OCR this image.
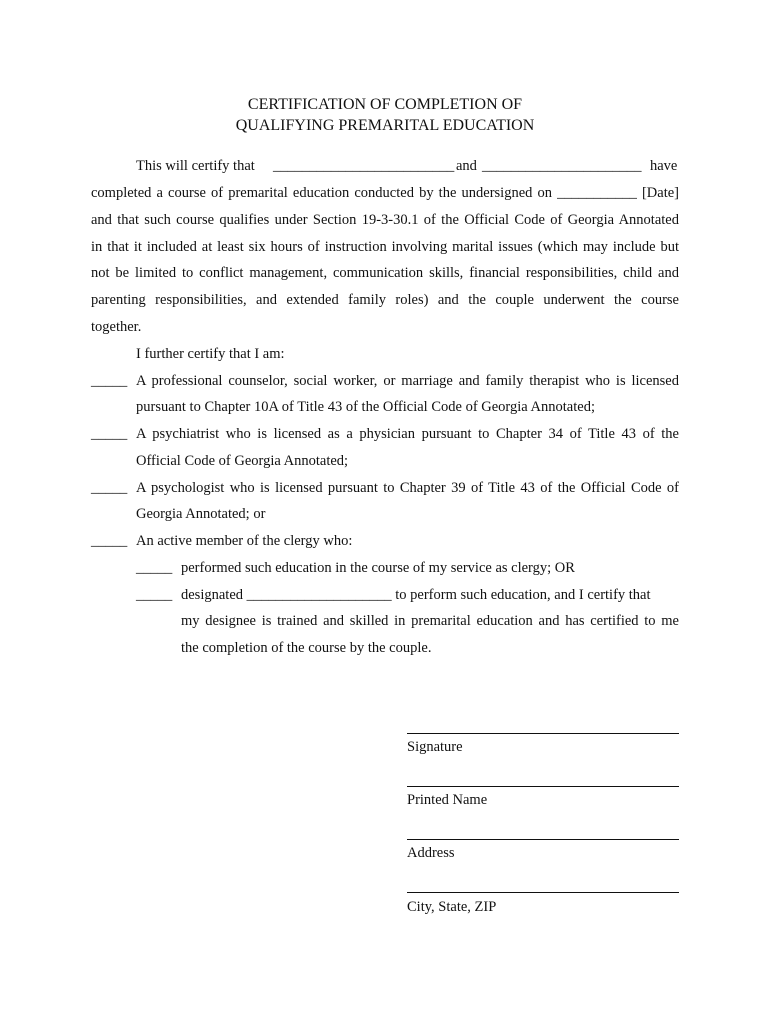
CERTIFICATION OF COMPLETION OF
QUALIFYING PREMARITAL EDUCATION
This will certify that _________________________ and ______________________ have
completed a course of premarital education conducted by the undersigned on ___________ [Date]
and that such course qualifies under Section 19-3-30.1 of the Official Code of Georgia Annotated
in that it included at least six hours of instruction involving marital issues (which may include but
not be limited to conflict management, communication skills, financial responsibilities, child and
parenting responsibilities, and extended family roles) and the couple underwent the course
together.
I further certify that I am:
_____ A professional counselor, social worker, or marriage and family therapist who is licensed
pursuant to Chapter 10A of Title 43 of the Official Code of Georgia Annotated;
_____ A psychiatrist who is licensed as a physician pursuant to Chapter 34 of Title 43 of the
Official Code of Georgia Annotated;
_____ A psychologist who is licensed pursuant to Chapter 39 of Title 43 of the Official Code of
Georgia Annotated; or
_____ An active member of the clergy who:
_____ performed such education in the course of my service as clergy; OR
_____ designated ____________________ to perform such education, and I certify that
my designee is trained and skilled in premarital education and has certified to me
the completion of the course by the couple.
Signature
Printed Name
Address
City, State, ZIP
